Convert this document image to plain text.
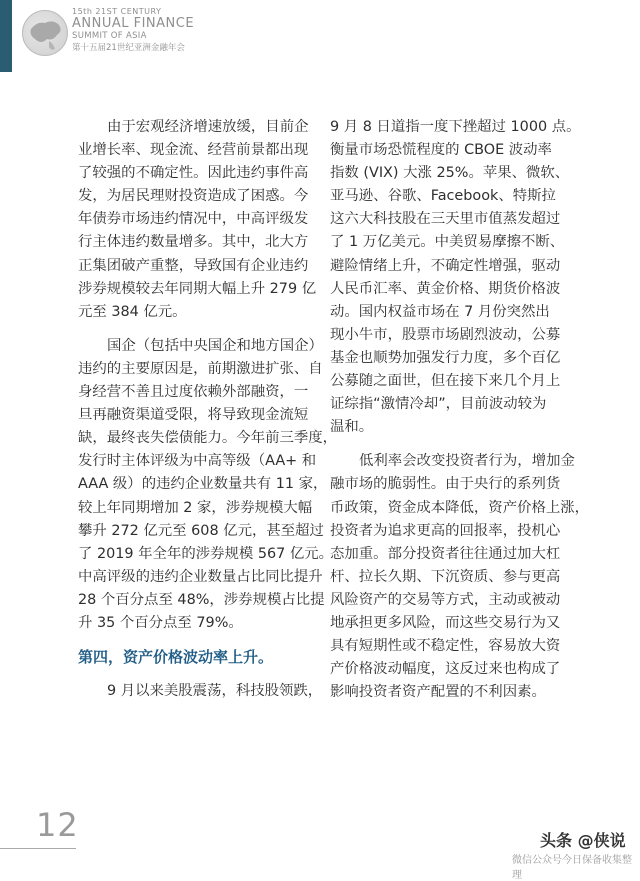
15th 21ST CENTURY
ANNUAL FINANCE
SUMMIT OF ASIA
第十五届21世纪亚洲金融年会

由于宏观经济增速放缓，目前企
业增长率、现金流、经营前景都出现
了较强的不确定性。因此违约事件高
发，为居民理财投资造成了困惑。今
年债券市场违约情况中，中高评级发
行主体违约数量增多。其中，北大方
正集团破产重整，导致国有企业违约
涉券规模较去年同期大幅上升 279 亿
元至 384 亿元。

国企（包括中央国企和地方国企）
违约的主要原因是，前期激进扩张、自
身经营不善且过度依赖外部融资，一
旦再融资渠道受限，将导致现金流短
缺，最终丧失偿债能力。今年前三季度，
发行时主体评级为中高等级（AA+ 和
AAA 级）的违约企业数量共有 11 家，
较上年同期增加 2 家，涉券规模大幅
攀升 272 亿元至 608 亿元，甚至超过
了 2019 年全年的涉券规模 567 亿元。
中高评级的违约企业数量占比同比提升
28 个百分点至 48%，涉券规模占比提
升 35 个百分点至 79%。

第四，资产价格波动率上升。

9 月以来美股震荡，科技股领跌，

9 月 8 日道指一度下挫超过 1000 点。
衡量市场恐慌程度的 CBOE 波动率
指数 (VIX) 大涨 25%。苹果、微软、
亚马逊、谷歌、Facebook、特斯拉
这六大科技股在三天里市值蒸发超过
了 1 万亿美元。中美贸易摩擦不断、
避险情绪上升，不确定性增强，驱动
人民币汇率、黄金价格、期货价格波
动。国内权益市场在 7 月份突然出
现小牛市，股票市场剧烈波动，公募
基金也顺势加强发行力度，多个百亿
公募随之面世，但在接下来几个月上
证综指“激情冷却”，目前波动较为
温和。

低利率会改变投资者行为，增加金
融市场的脆弱性。由于央行的系列货
币政策，资金成本降低，资产价格上涨，
投资者为追求更高的回报率，投机心
态加重。部分投资者往往通过加大杠
杆、拉长久期、下沉资质、参与更高
风险资产的交易等方式，主动或被动
地承担更多风险，而这些交易行为又
具有短期性或不稳定性，容易放大资
产价格波动幅度，这反过来也构成了
影响投资者资产配置的不利因素。

12	头条 @侠说
微信公众号今日保备收集整理
